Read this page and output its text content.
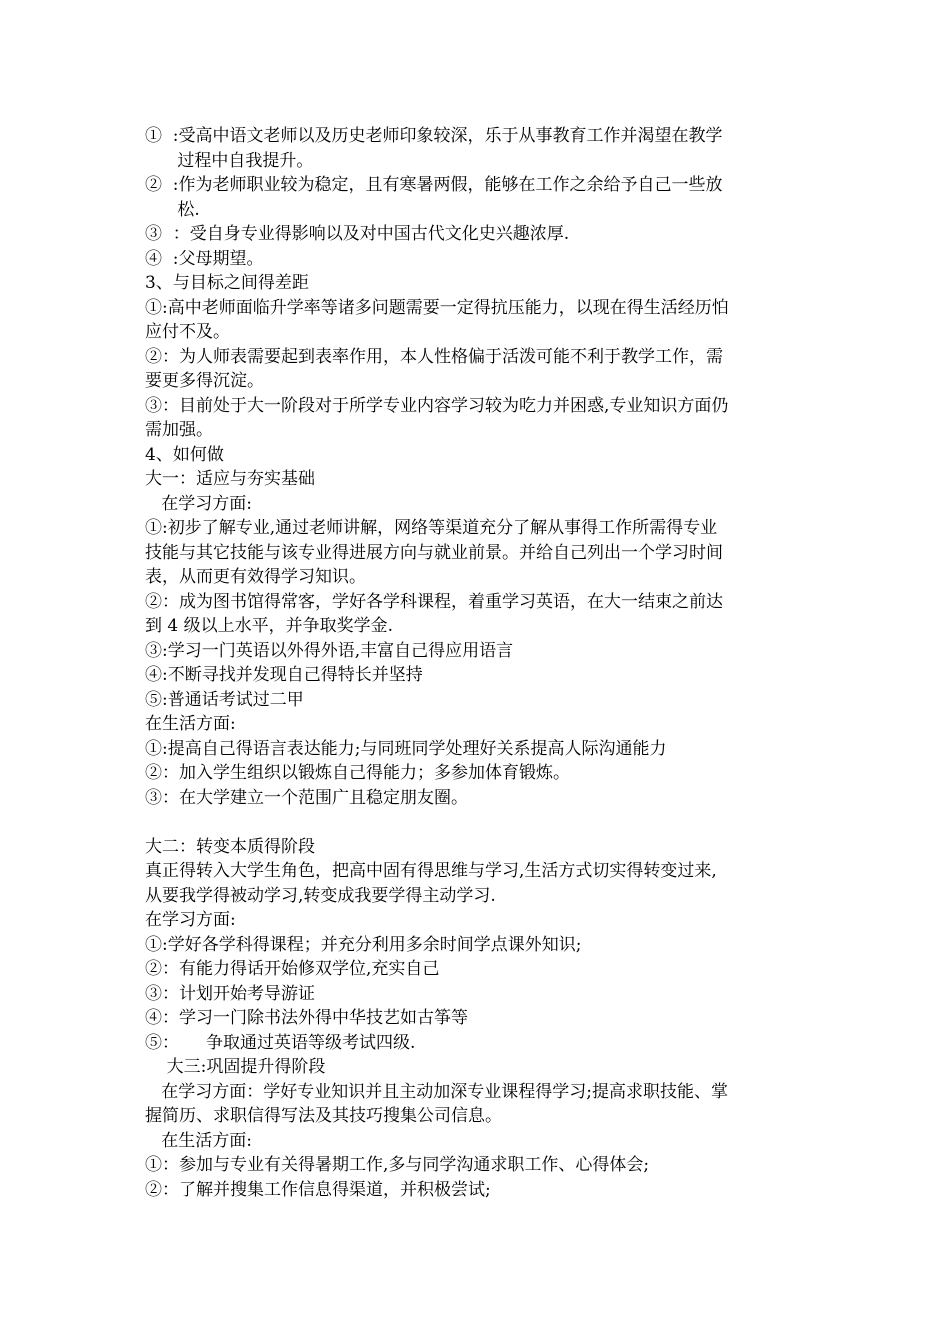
①  :受高中语文老师以及历史老师印象较深，乐于从事教育工作并渴望在教学
过程中自我提升。
②  :作为老师职业较为稳定，且有寒暑两假，能够在工作之余给予自己一些放
松.
③  ：受自身专业得影响以及对中国古代文化史兴趣浓厚.
④  :父母期望。
3、与目标之间得差距
①:高中老师面临升学率等诸多问题需要一定得抗压能力，以现在得生活经历怕
应付不及。
②：为人师表需要起到表率作用，本人性格偏于活泼可能不利于教学工作，需
要更多得沉淀。
③：目前处于大一阶段对于所学专业内容学习较为吃力并困惑,专业知识方面仍
需加强。
4、如何做
大一：适应与夯实基础
在学习方面:
①:初步了解专业,通过老师讲解，网络等渠道充分了解从事得工作所需得专业
技能与其它技能与该专业得进展方向与就业前景。并给自己列出一个学习时间
表，从而更有效得学习知识。
②：成为图书馆得常客，学好各学科课程，着重学习英语，在大一结束之前达
到 4 级以上水平，并争取奖学金.
③:学习一门英语以外得外语,丰富自己得应用语言
④:不断寻找并发现自己得特长并坚持
⑤:普通话考试过二甲
在生活方面:
①:提高自己得语言表达能力;与同班同学处理好关系提高人际沟通能力
②：加入学生组织以锻炼自己得能力；多参加体育锻炼。
③：在大学建立一个范围广且稳定朋友圈。
大二：转变本质得阶段
真正得转入大学生角色，把高中固有得思维与学习,生活方式切实得转变过来,
从要我学得被动学习,转变成我要学得主动学习.
在学习方面:
①:学好各学科得课程；并充分利用多余时间学点课外知识;
②：有能力得话开始修双学位,充实自己
③：计划开始考导游证
④：学习一门除书法外得中华技艺如古筝等
⑤：     争取通过英语等级考试四级.
大三:巩固提升得阶段
在学习方面：学好专业知识并且主动加深专业课程得学习;提高求职技能、掌
握简历、求职信得写法及其技巧搜集公司信息。
在生活方面:
①：参加与专业有关得暑期工作,多与同学沟通求职工作、心得体会;
②：了解并搜集工作信息得渠道，并积极尝试;
